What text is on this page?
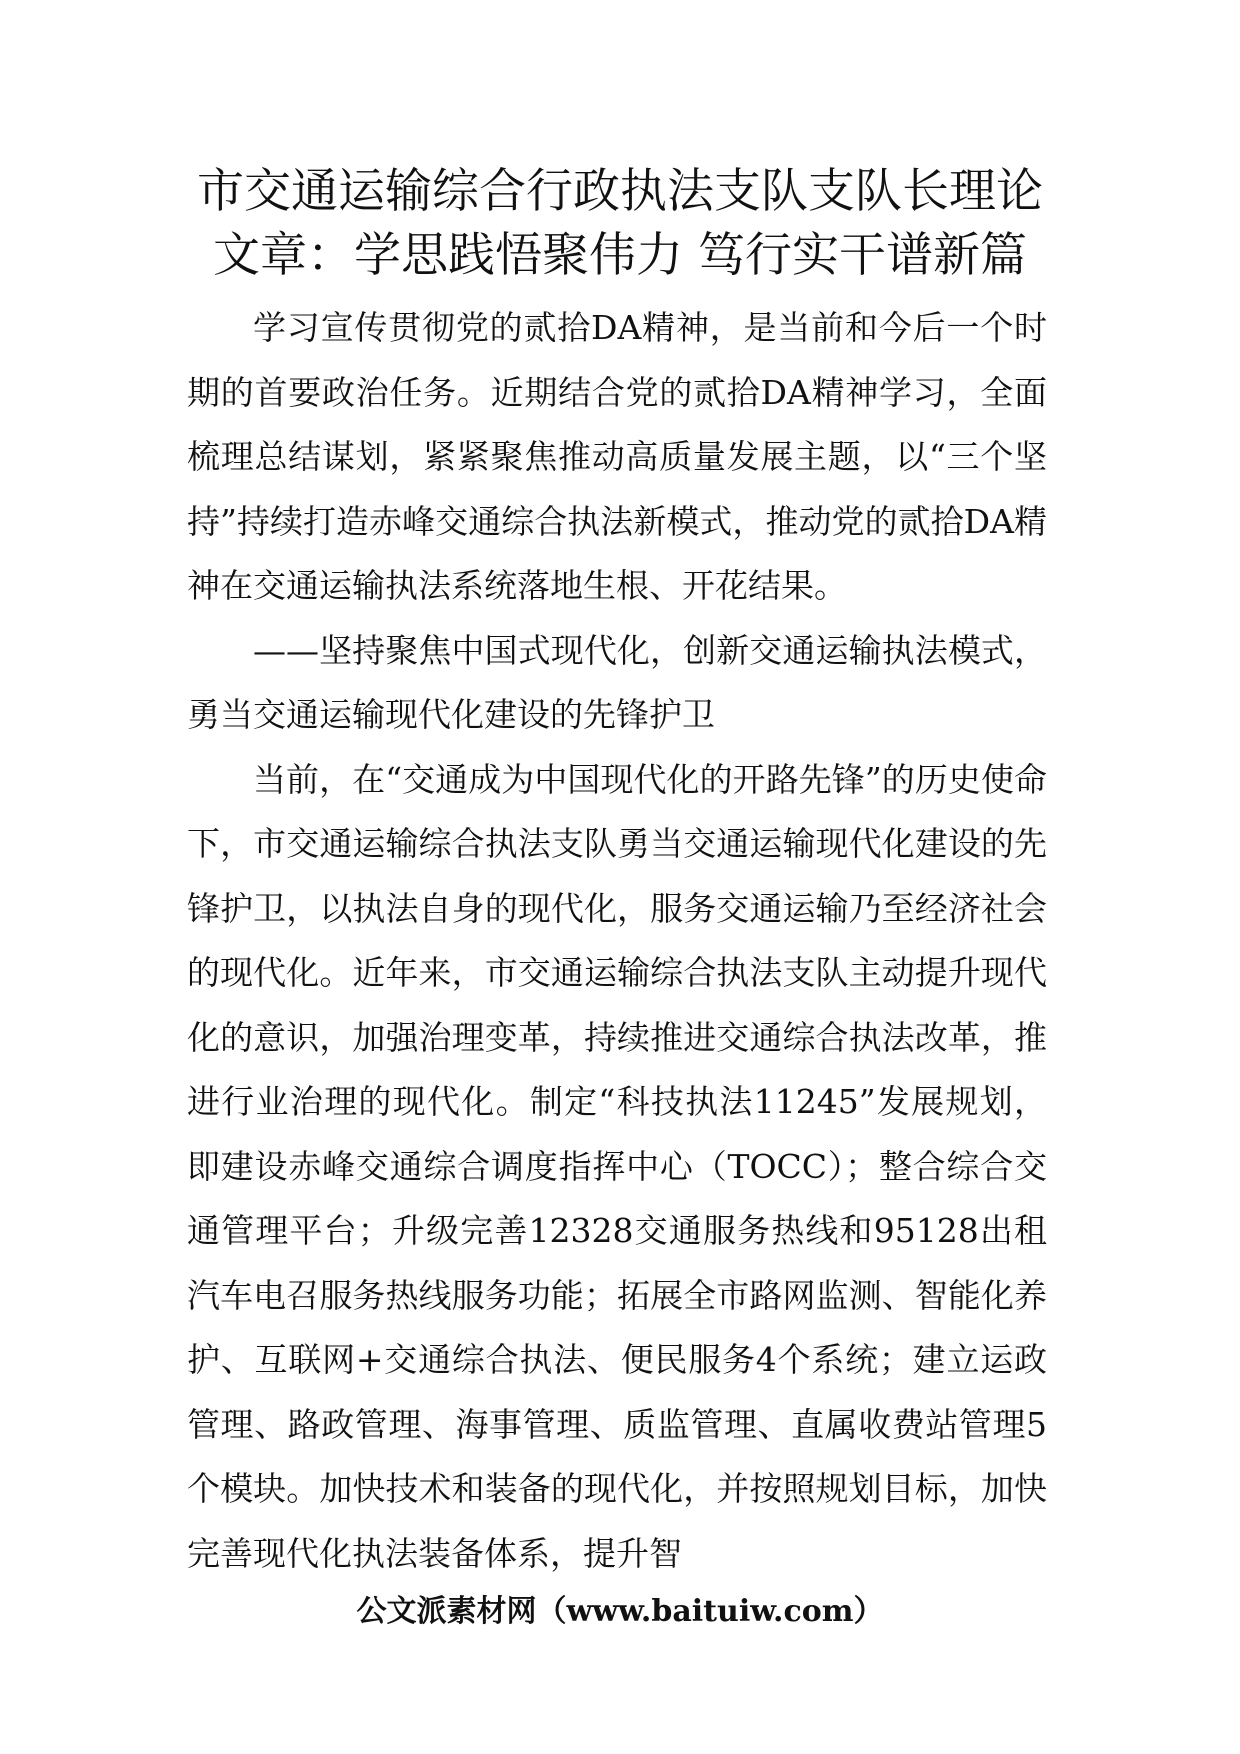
市交通运输综合行政执法支队支队长理论
文章：学思践悟聚伟力 笃行实干谱新篇

学习宣传贯彻党的贰拾DA精神，是当前和今后一个时期的首要政治任务。近期结合党的贰拾DA精神学习，全面梳理总结谋划，紧紧聚焦推动高质量发展主题，以“三个坚持”持续打造赤峰交通综合执法新模式，推动党的贰拾DA精神在交通运输执法系统落地生根、开花结果。

——坚持聚焦中国式现代化，创新交通运输执法模式，勇当交通运输现代化建设的先锋护卫

当前，在“交通成为中国现代化的开路先锋”的历史使命下，市交通运输综合执法支队勇当交通运输现代化建设的先锋护卫，以执法自身的现代化，服务交通运输乃至经济社会的现代化。近年来，市交通运输综合执法支队主动提升现代化的意识，加强治理变革，持续推进交通综合执法改革，推进行业治理的现代化。制定“科技执法11245”发展规划，即建设赤峰交通综合调度指挥中心（TOCC）；整合综合交通管理平台；升级完善12328交通服务热线和95128出租汽车电召服务热线服务功能；拓展全市路网监测、智能化养护、互联网+交通综合执法、便民服务4个系统；建立运政管理、路政管理、海事管理、质监管理、直属收费站管理5个模块。加快技术和装备的现代化，并按照规划目标，加快完善现代化执法装备体系，提升智

公文派素材网（www.baituiw.com）
